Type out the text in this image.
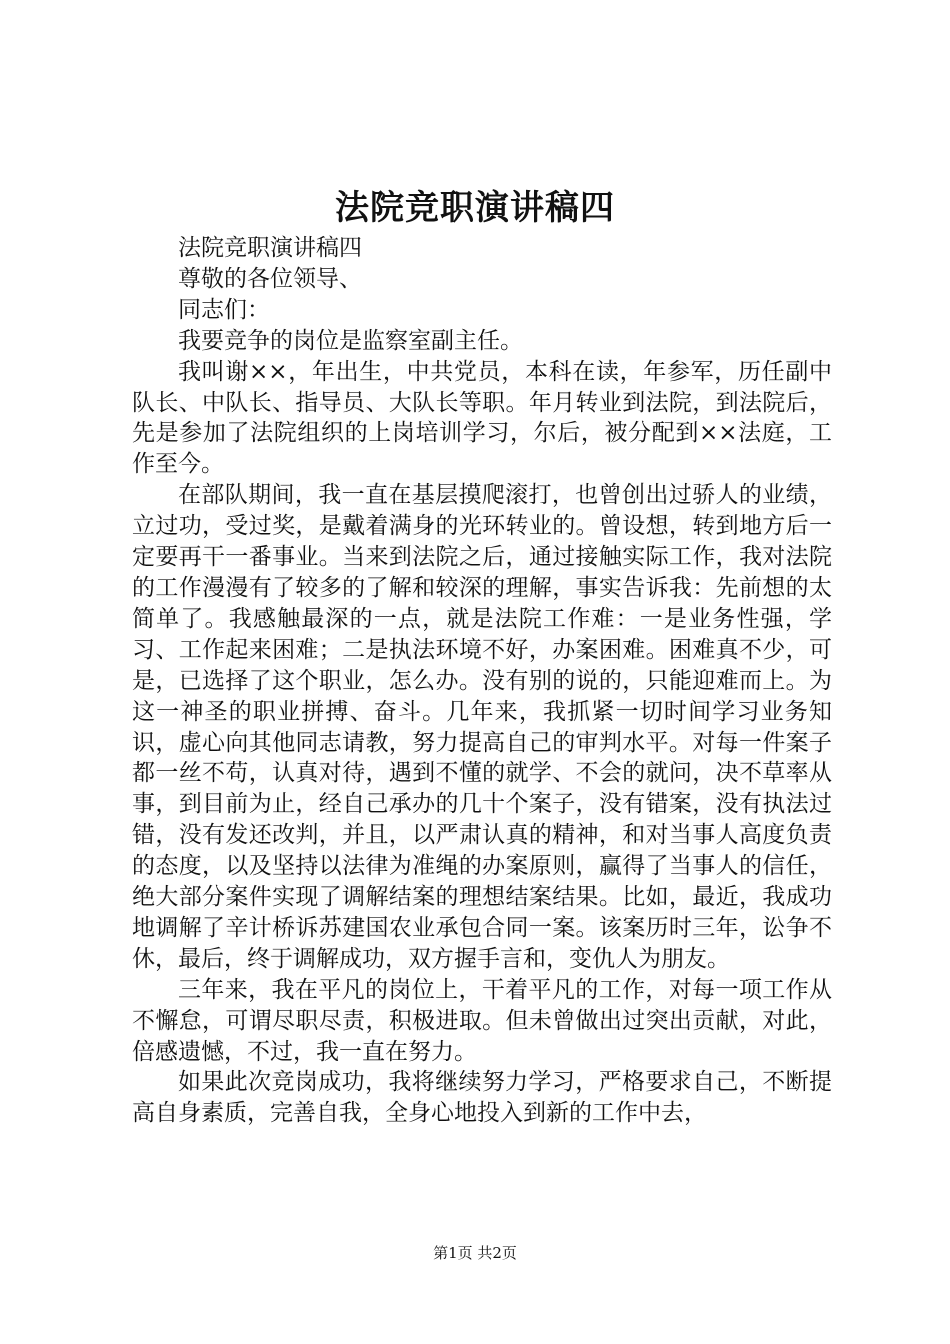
法院竞职演讲稿四

法院竞职演讲稿四

尊敬的各位领导、

同志们：

我要竞争的岗位是监察室副主任。

我叫谢××，年出生，中共党员，本科在读，年参军，历任副中队长、中队长、指导员、大队长等职。年月转业到法院，到法院后，先是参加了法院组织的上岗培训学习，尔后，被分配到××法庭，工作至今。

在部队期间，我一直在基层摸爬滚打，也曾创出过骄人的业绩，立过功，受过奖，是戴着满身的光环转业的。曾设想，转到地方后一定要再干一番事业。当来到法院之后，通过接触实际工作，我对法院的工作漫漫有了较多的了解和较深的理解，事实告诉我：先前想的太简单了。我感触最深的一点，就是法院工作难：一是业务性强，学习、工作起来困难；二是执法环境不好，办案困难。困难真不少，可是，已选择了这个职业，怎么办。没有别的说的，只能迎难而上。为这一神圣的职业拼搏、奋斗。几年来，我抓紧一切时间学习业务知识，虚心向其他同志请教，努力提高自己的审判水平。对每一件案子都一丝不苟，认真对待，遇到不懂的就学、不会的就问，决不草率从事，到目前为止，经自己承办的几十个案子，没有错案，没有执法过错，没有发还改判，并且，以严肃认真的精神，和对当事人高度负责的态度，以及坚持以法律为准绳的办案原则，赢得了当事人的信任，绝大部分案件实现了调解结案的理想结案结果。比如，最近，我成功地调解了辛计桥诉苏建国农业承包合同一案。该案历时三年，讼争不休，最后，终于调解成功，双方握手言和，变仇人为朋友。

三年来，我在平凡的岗位上，干着平凡的工作，对每一项工作从不懈怠，可谓尽职尽责，积极进取。但未曾做出过突出贡献，对此，倍感遗憾，不过，我一直在努力。

如果此次竞岗成功，我将继续努力学习，严格要求自己，不断提高自身素质，完善自我，全身心地投入到新的工作中去，

第1页 共2页
